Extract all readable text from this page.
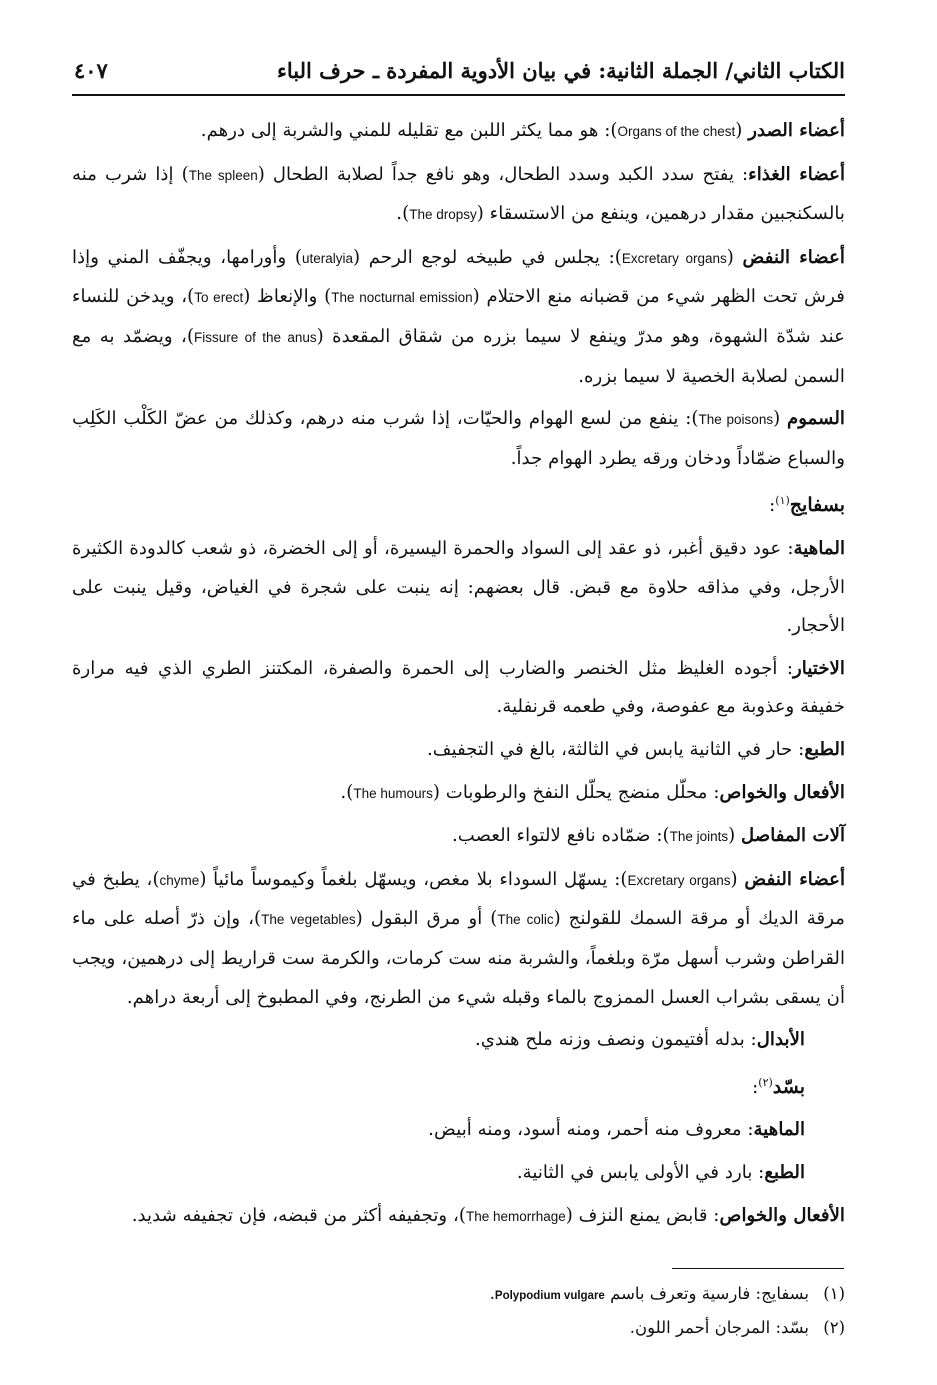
الكتاب الثاني/ الجملة الثانية: في بيان الأدوية المفردة ـ حرف الباء
٤٠٧

أعضاء الصدر (Organs of the chest): هو مما يكثر اللبن مع تقليله للمني والشربة إلى درهم.

أعضاء الغذاء: يفتح سدد الكبد وسدد الطحال، وهو نافع جداً لصلابة الطحال (The spleen) إذا شرب منه بالسكنجبين مقدار درهمين، وينفع من الاستسقاء (The dropsy).

أعضاء النفض (Excretary organs): يجلس في طبيخه لوجع الرحم (uteralyia) وأورامها، ويجفّف المني وإذا فرش تحت الظهر شيء من قضبانه منع الاحتلام (The nocturnal emission) والإنعاظ (To erect)، ويدخن للنساء عند شدّة الشهوة، وهو مدرّ وينفع لا سيما بزره من شقاق المقعدة (Fissure of the anus)، ويضمّد به مع السمن لصلابة الخصية لا سيما بزره.

السموم (The poisons): ينفع من لسع الهوام والحيّات، إذا شرب منه درهم، وكذلك من عضّ الكَلْب الكَلِب والسباع ضمّاداً ودخان ورقه يطرد الهوام جداً.

بسفايج$^{(١)}$:

الماهية: عود دقيق أغبر، ذو عقد إلى السواد والحمرة اليسيرة، أو إلى الخضرة، ذو شعب كالدودة الكثيرة الأرجل، وفي مذاقه حلاوة مع قبض. قال بعضهم: إنه ينبت على شجرة في الغياض، وقيل ينبت على الأحجار.

الاختيار: أجوده الغليظ مثل الخنصر والضارب إلى الحمرة والصفرة، المكتنز الطري الذي فيه مرارة خفيفة وعذوبة مع عفوصة، وفي طعمه قرنفلية.

الطبع: حار في الثانية يابس في الثالثة، بالغ في التجفيف.

الأفعال والخواص: محلّل منضج يحلّل النفخ والرطوبات (The humours).

آلات المفاصل (The joints): ضمّاده نافع لالتواء العصب.

أعضاء النفض (Excretary organs): يسهّل السوداء بلا مغص، ويسهّل بلغماً وكيموساً مائياً (chyme)، يطبخ في مرقة الديك أو مرقة السمك للقولنج (The colic) أو مرق البقول (The vegetables)، وإن ذرّ أصله على ماء القراطن وشرب أسهل مرّة وبلغماً، والشربة منه ست كرمات، والكرمة ست قراريط إلى درهمين، ويجب أن يسقى بشراب العسل الممزوج بالماء وقبله شيء من الطرنج، وفي المطبوخ إلى أربعة دراهم.

الأبدال: بدله أفتيمون ونصف وزنه ملح هندي.

بسّد$^{(٢)}$:

الماهية: معروف منه أحمر، ومنه أسود، ومنه أبيض.

الطبع: بارد في الأولى يابس في الثانية.

الأفعال والخواص: قابض يمنع النزف (The hemorrhage)، وتجفيفه أكثر من قبضه، فإن تجفيفه شديد.

(١)بسفايج: فارسية وتعرف باسم Polypodium vulgare.

(٢)بسّد: المرجان أحمر اللون.
